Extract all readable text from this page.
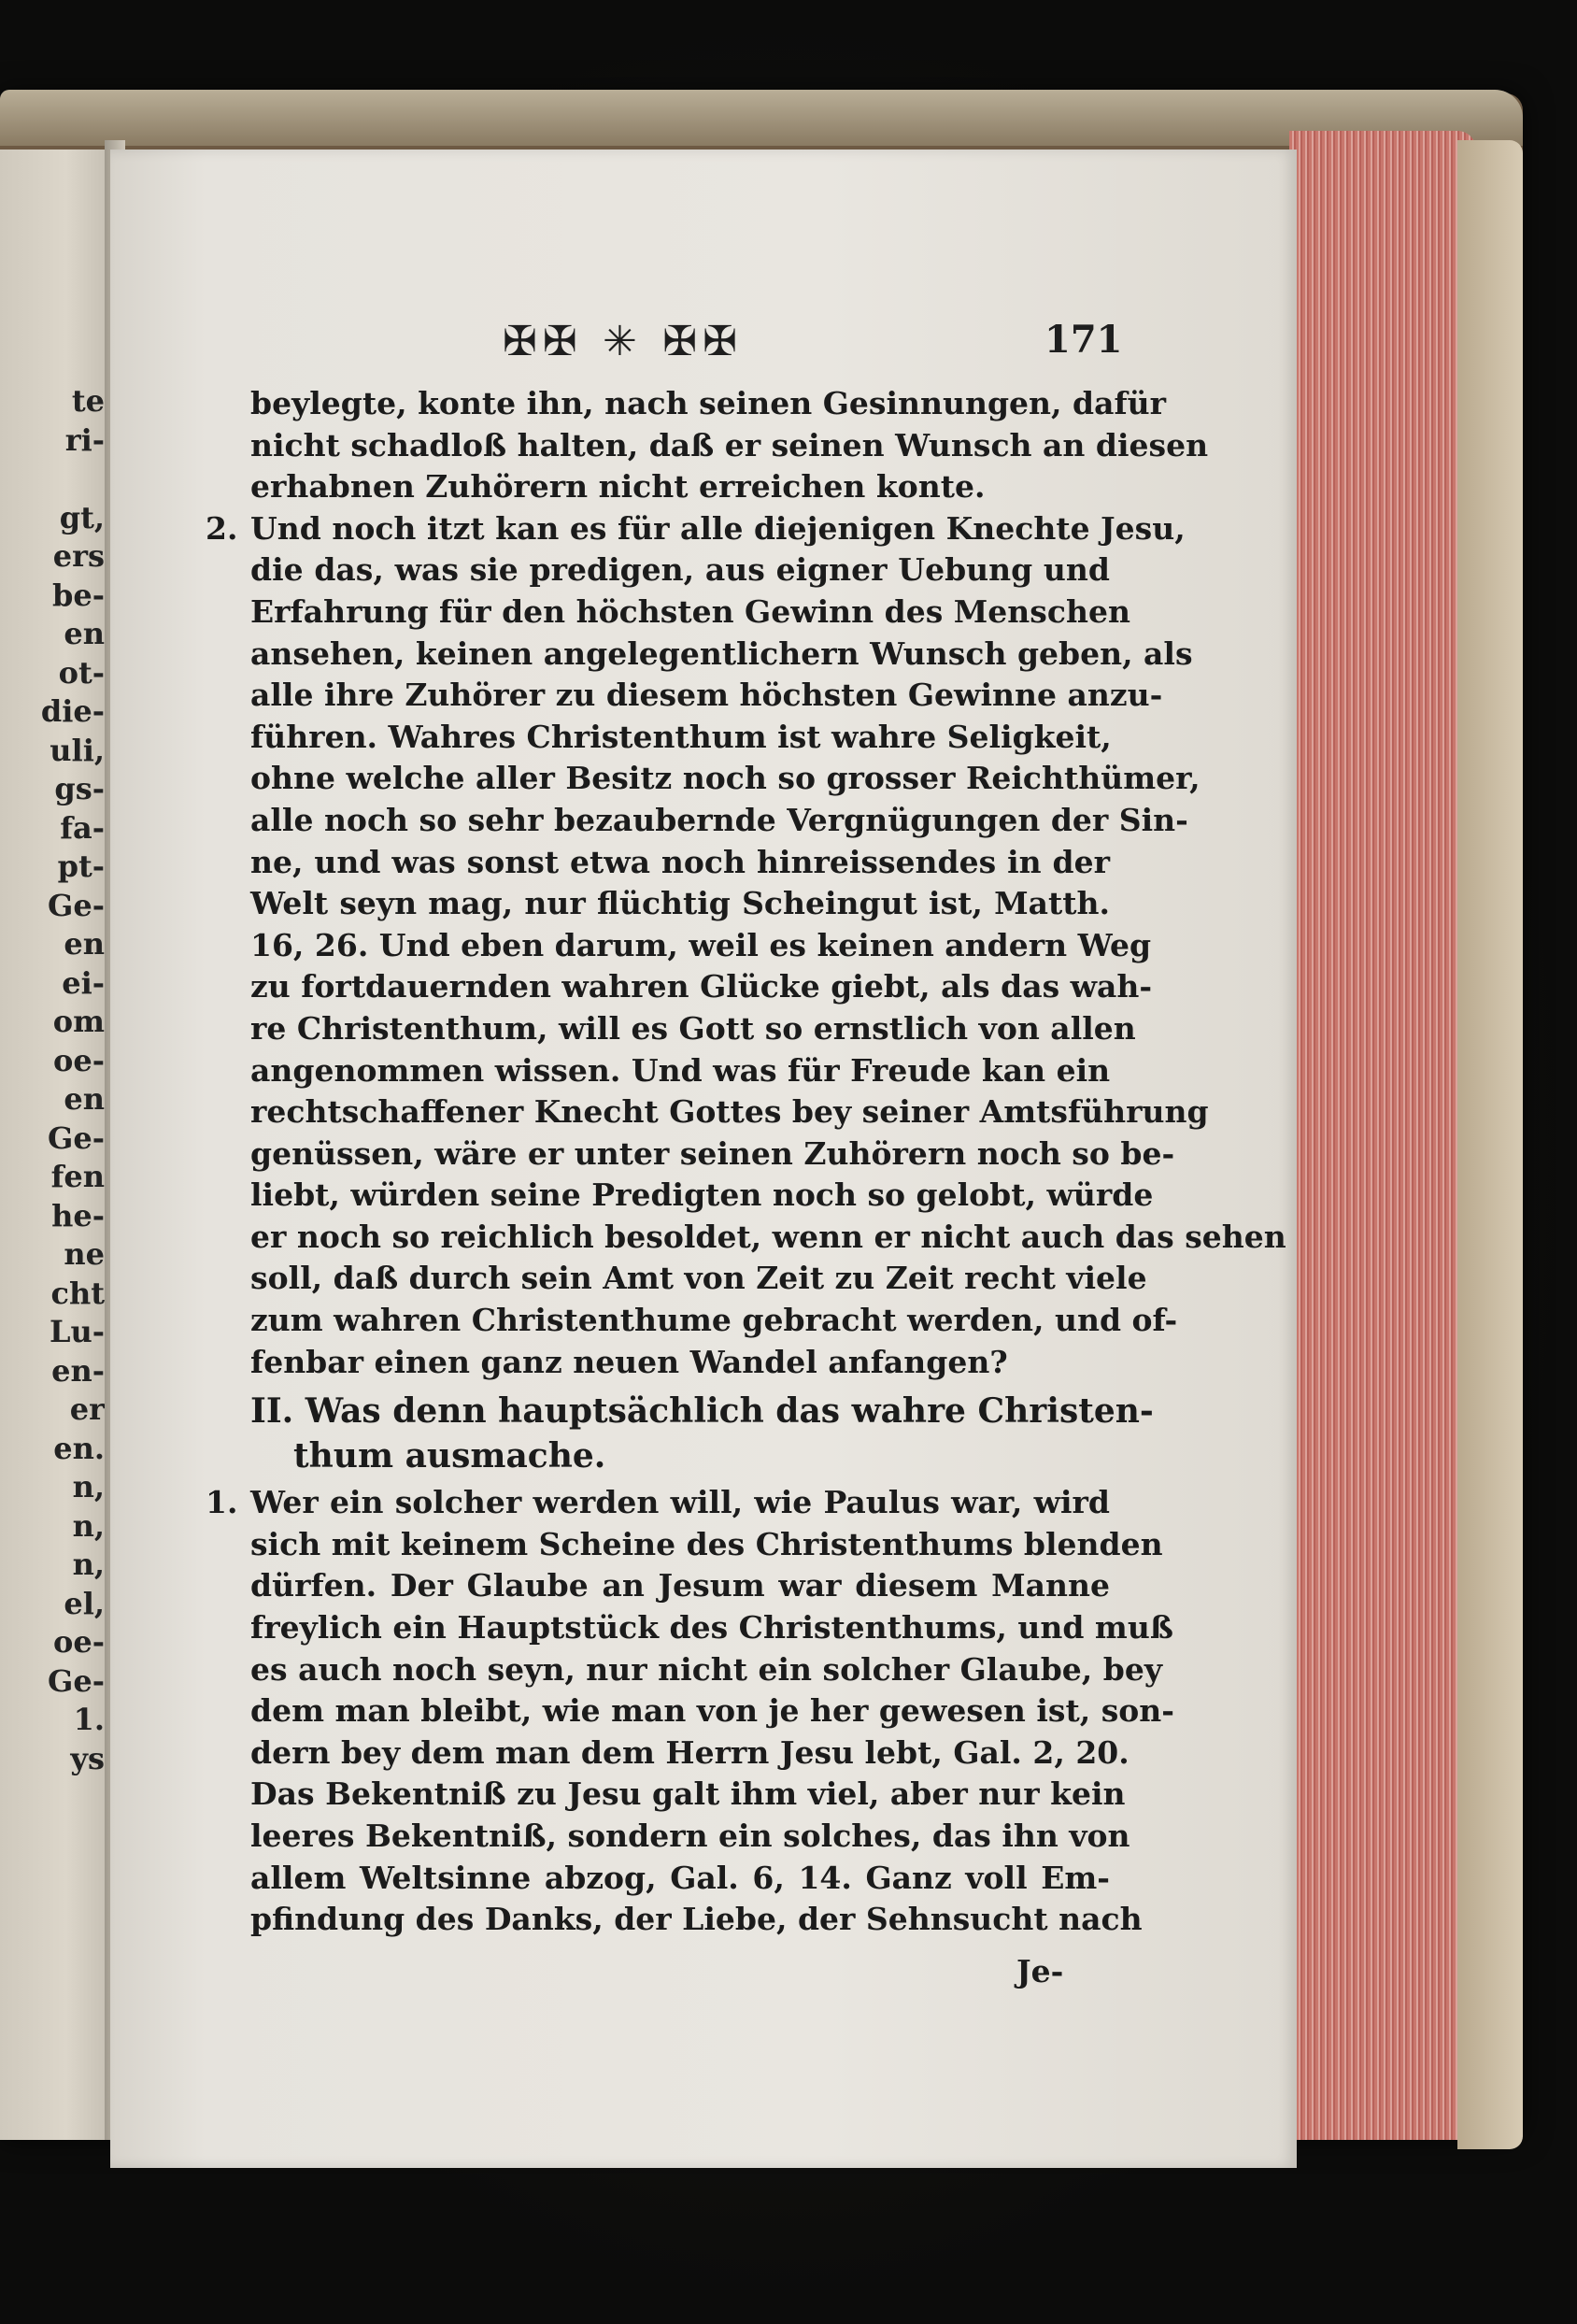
te
ri-
gt,
ers
be-
en
ot-
die-
uli,
gs-
fa-
pt-
Ge-
en
ei-
om
oe-
en
Ge-
fen
he-
ne
cht
Lu-
en-
er
en.
n,
n,
n,
el,
oe-
Ge-
1.
ys
✠✠ ✳ ✠✠	171
beylegte, konte ihn, nach seinen Gesinnungen, dafür
nicht schadloß halten, daß er seinen Wunsch an diesen
erhabnen Zuhörern nicht erreichen konte.
2. Und noch itzt kan es für alle diejenigen Knechte Jesu,
die das, was sie predigen, aus eigner Uebung und
Erfahrung für den höchsten Gewinn des Menschen
ansehen, keinen angelegentlichern Wunsch geben, als
alle ihre Zuhörer zu diesem höchsten Gewinne anzu-
führen. Wahres Christenthum ist wahre Seligkeit,
ohne welche aller Besitz noch so grosser Reichthümer,
alle noch so sehr bezaubernde Vergnügungen der Sin-
ne, und was sonst etwa noch hinreissendes in der
Welt seyn mag, nur flüchtig Scheingut ist, Matth.
16, 26. Und eben darum, weil es keinen andern Weg
zu fortdauernden wahren Glücke giebt, als das wah-
re Christenthum, will es Gott so ernstlich von allen
angenommen wissen. Und was für Freude kan ein
rechtschaffener Knecht Gottes bey seiner Amtsführung
genüssen, wäre er unter seinen Zuhörern noch so be-
liebt, würden seine Predigten noch so gelobt, würde
er noch so reichlich besoldet, wenn er nicht auch das sehen
soll, daß durch sein Amt von Zeit zu Zeit recht viele
zum wahren Christenthume gebracht werden, und of-
fenbar einen ganz neuen Wandel anfangen?
II. Was denn hauptsächlich das wahre Christen-
thum ausmache.
1. Wer ein solcher werden will, wie Paulus war, wird
sich mit keinem Scheine des Christenthums blenden
dürfen. Der Glaube an Jesum war diesem Manne
freylich ein Hauptstück des Christenthums, und muß
es auch noch seyn, nur nicht ein solcher Glaube, bey
dem man bleibt, wie man von je her gewesen ist, son-
dern bey dem man dem Herrn Jesu lebt, Gal. 2, 20.
Das Bekentniß zu Jesu galt ihm viel, aber nur kein
leeres Bekentniß, sondern ein solches, das ihn von
allem Weltsinne abzog, Gal. 6, 14. Ganz voll Em-
pfindung des Danks, der Liebe, der Sehnsucht nach
Je-
